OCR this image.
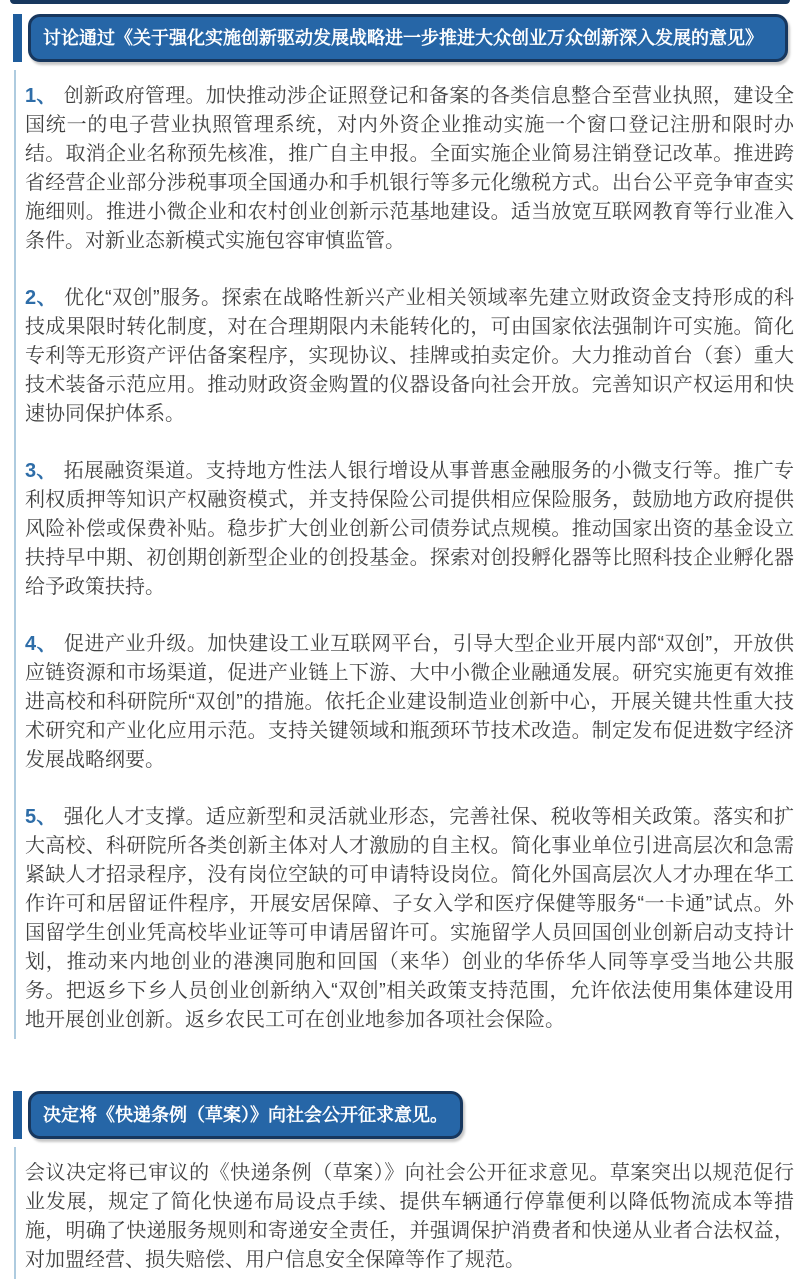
讨论通过《关于强化实施创新驱动发展战略进一步推进大众创业万众创新深入发展的意见》

1、 创新政府管理。加快推动涉企证照登记和备案的各类信息整合至营业执照，建设全国统一的电子营业执照管理系统，对内外资企业推动实施一个窗口登记注册和限时办结。取消企业名称预先核准，推广自主申报。全面实施企业简易注销登记改革。推进跨省经营企业部分涉税事项全国通办和手机银行等多元化缴税方式。出台公平竞争审查实施细则。推进小微企业和农村创业创新示范基地建设。适当放宽互联网教育等行业准入条件。对新业态新模式实施包容审慎监管。

2、 优化“双创”服务。探索在战略性新兴产业相关领域率先建立财政资金支持形成的科技成果限时转化制度，对在合理期限内未能转化的，可由国家依法强制许可实施。简化专利等无形资产评估备案程序，实现协议、挂牌或拍卖定价。大力推动首台（套）重大技术装备示范应用。推动财政资金购置的仪器设备向社会开放。完善知识产权运用和快速协同保护体系。

3、 拓展融资渠道。支持地方性法人银行增设从事普惠金融服务的小微支行等。推广专利权质押等知识产权融资模式，并支持保险公司提供相应保险服务，鼓励地方政府提供风险补偿或保费补贴。稳步扩大创业创新公司债券试点规模。推动国家出资的基金设立扶持早中期、初创期创新型企业的创投基金。探索对创投孵化器等比照科技企业孵化器给予政策扶持。

4、 促进产业升级。加快建设工业互联网平台，引导大型企业开展内部“双创”，开放供应链资源和市场渠道，促进产业链上下游、大中小微企业融通发展。研究实施更有效推进高校和科研院所“双创”的措施。依托企业建设制造业创新中心，开展关键共性重大技术研究和产业化应用示范。支持关键领域和瓶颈环节技术改造。制定发布促进数字经济发展战略纲要。

5、 强化人才支撑。适应新型和灵活就业形态，完善社保、税收等相关政策。落实和扩大高校、科研院所各类创新主体对人才激励的自主权。简化事业单位引进高层次和急需紧缺人才招录程序，没有岗位空缺的可申请特设岗位。简化外国高层次人才办理在华工作许可和居留证件程序，开展安居保障、子女入学和医疗保健等服务“一卡通”试点。外国留学生创业凭高校毕业证等可申请居留许可。实施留学人员回国创业创新启动支持计划，推动来内地创业的港澳同胞和回国（来华）创业的华侨华人同等享受当地公共服务。把返乡下乡人员创业创新纳入“双创”相关政策支持范围，允许依法使用集体建设用地开展创业创新。返乡农民工可在创业地参加各项社会保险。

决定将《快递条例（草案）》向社会公开征求意见。

会议决定将已审议的《快递条例（草案）》向社会公开征求意见。草案突出以规范促行业发展，规定了简化快递布局设点手续、提供车辆通行停靠便利以降低物流成本等措施，明确了快递服务规则和寄递安全责任，并强调保护消费者和快递从业者合法权益，对加盟经营、损失赔偿、用户信息安全保障等作了规范。
